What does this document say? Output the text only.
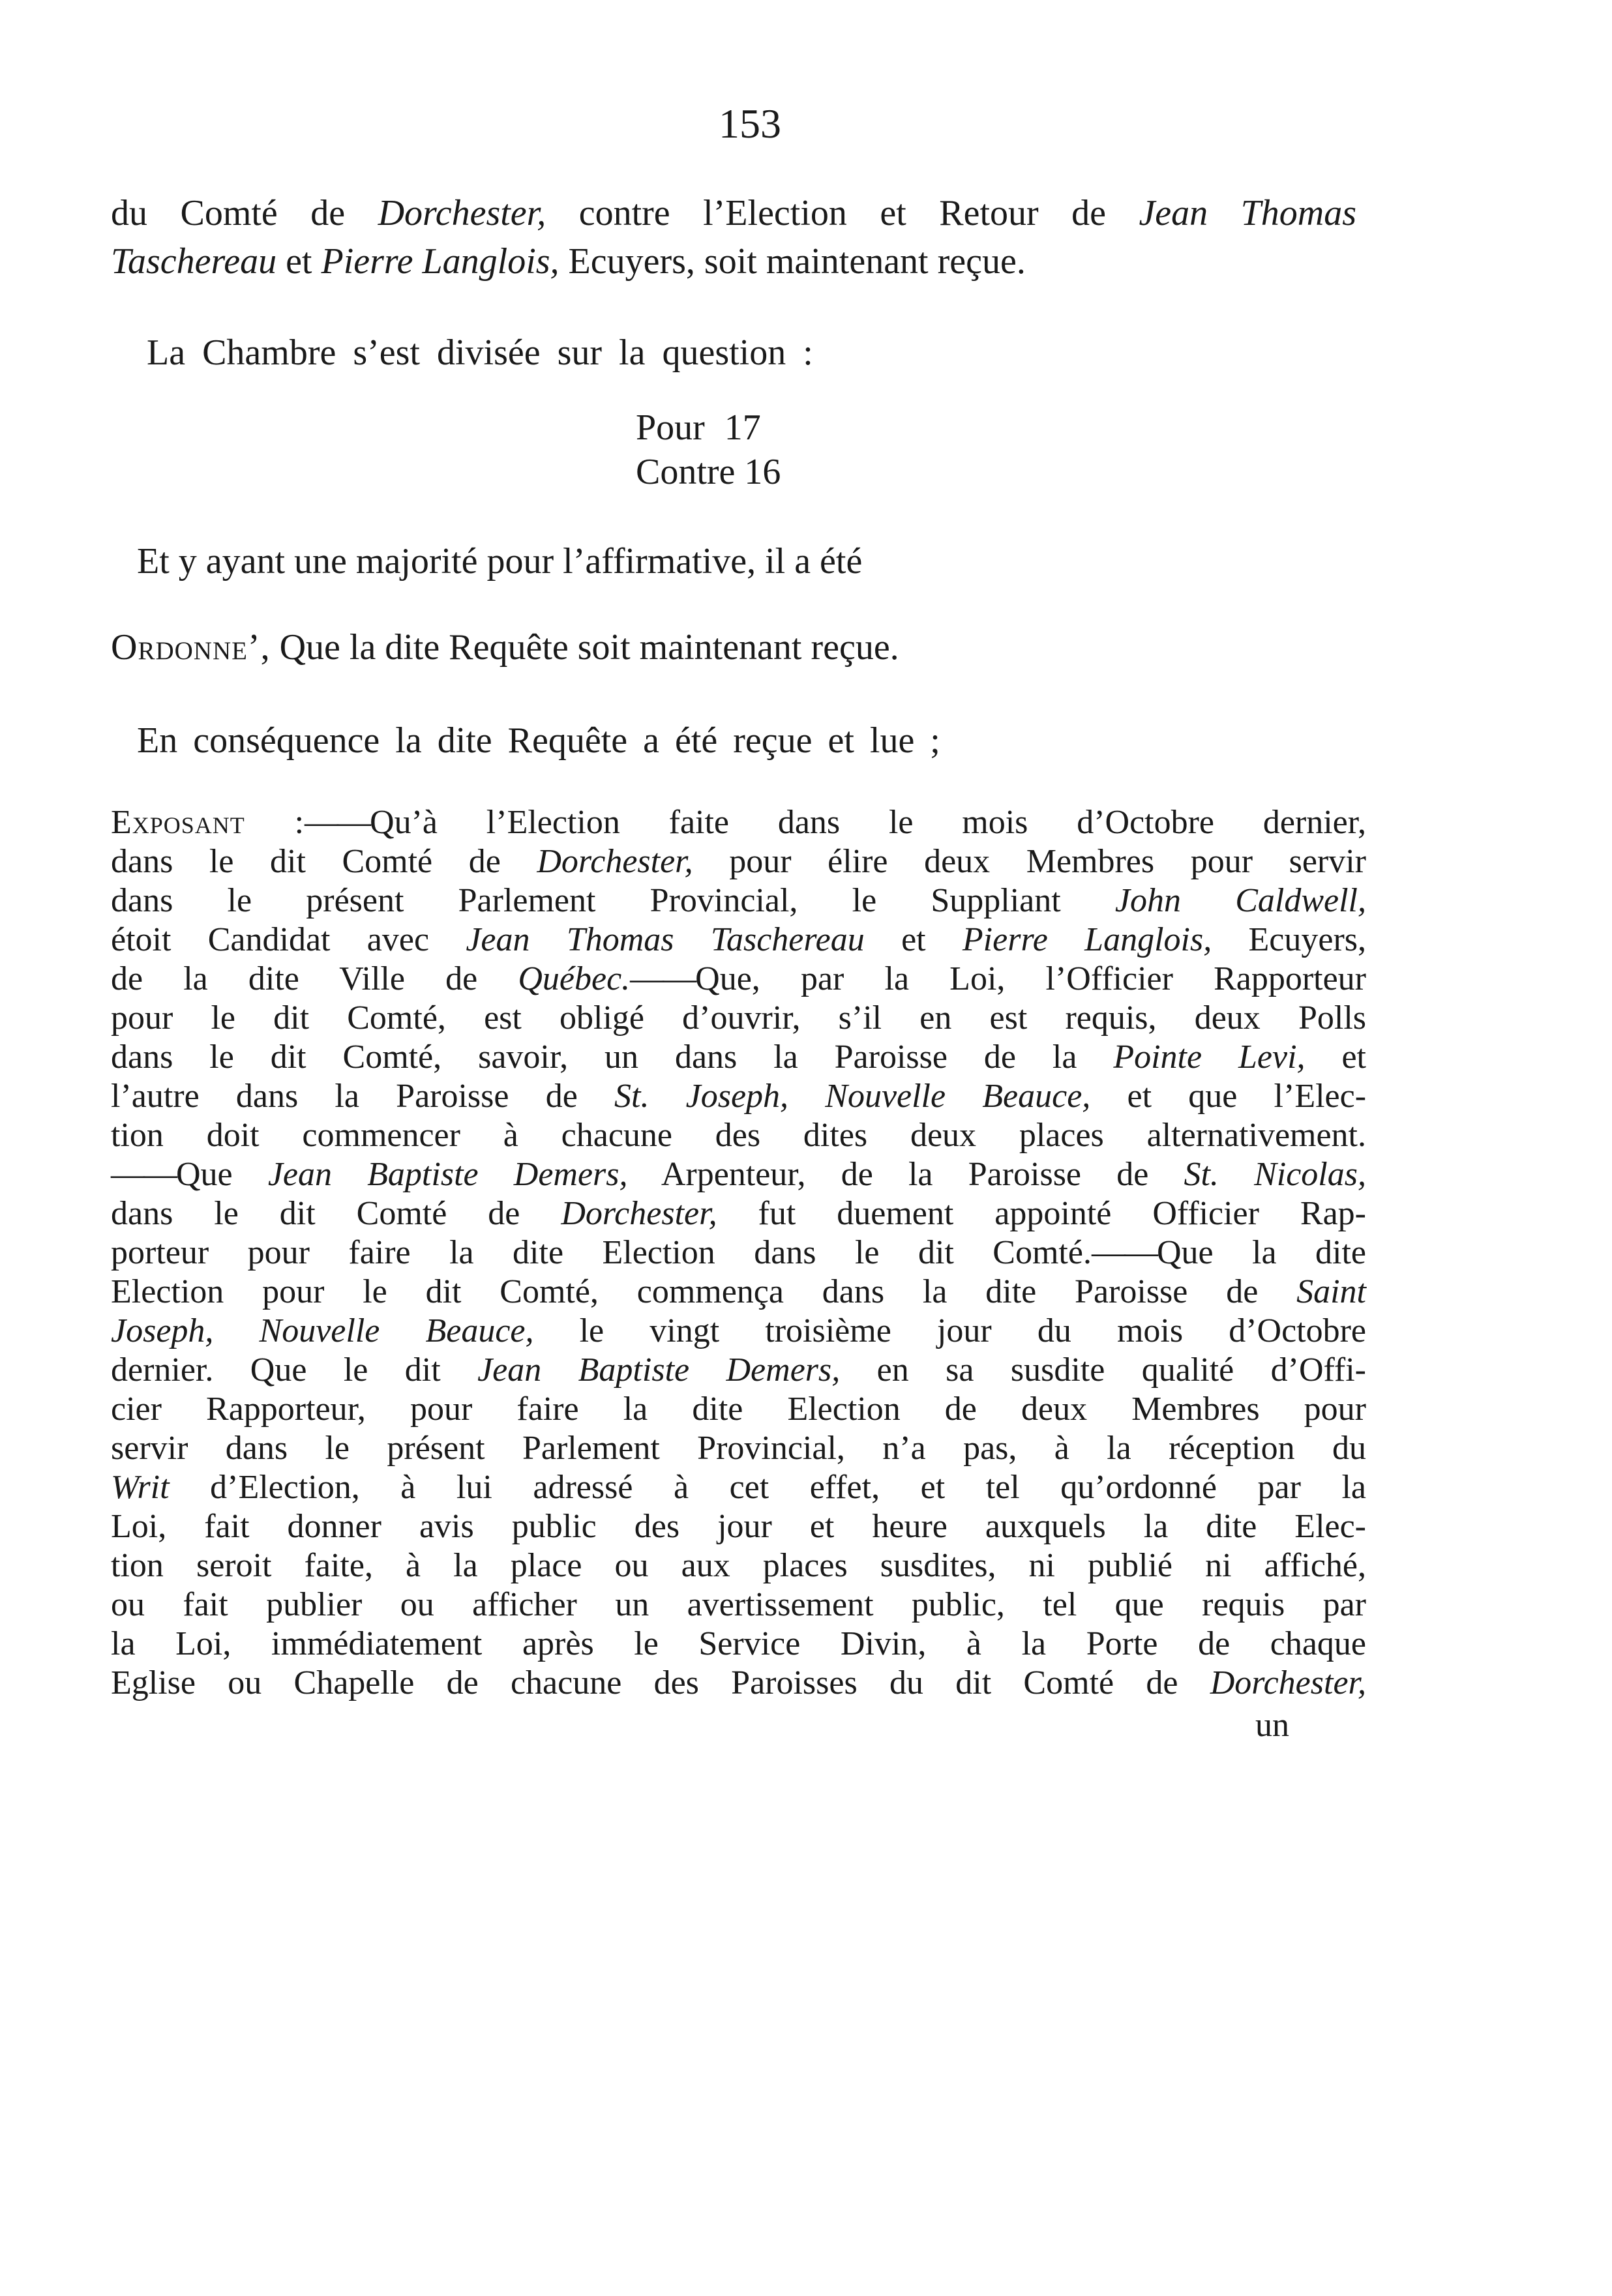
153
du Comté de Dorchester, contre l’Election et Retour de Jean Thomas
Taschereau et Pierre Langlois, Ecuyers, soit maintenant reçue.
La Chambre s’est divisée sur la question :
Pour 17
Contre 16
Et y ayant une majorité pour l’affirmative, il a été
Ordonne’, Que la dite Requête soit maintenant reçue.
En conséquence la dite Requête a été reçue et lue ;
Exposant :——Qu’à l’Election faite dans le mois d’Octobre dernier,
dans le dit Comté de Dorchester, pour élire deux Membres pour servir
dans le présent Parlement Provincial, le Suppliant John Caldwell,
étoit Candidat avec Jean Thomas Taschereau et Pierre Langlois, Ecuyers,
de la dite Ville de Québec.——Que, par la Loi, l’Officier Rapporteur
pour le dit Comté, est obligé d’ouvrir, s’il en est requis, deux Polls
dans le dit Comté, savoir, un dans la Paroisse de la Pointe Levi, et
l’autre dans la Paroisse de St. Joseph, Nouvelle Beauce, et que l’Elec-
tion doit commencer à chacune des dites deux places alternativement.
——Que Jean Baptiste Demers, Arpenteur, de la Paroisse de St. Nicolas,
dans le dit Comté de Dorchester, fut duement appointé Officier Rap-
porteur pour faire la dite Election dans le dit Comté.——Que la dite
Election pour le dit Comté, commença dans la dite Paroisse de Saint
Joseph, Nouvelle Beauce, le vingt troisième jour du mois d’Octobre
dernier. Que le dit Jean Baptiste Demers, en sa susdite qualité d’Offi-
cier Rapporteur, pour faire la dite Election de deux Membres pour
servir dans le présent Parlement Provincial, n’a pas, à la réception du
Writ d’Election, à lui adressé à cet effet, et tel qu’ordonné par la
Loi, fait donner avis public des jour et heure auxquels la dite Elec-
tion seroit faite, à la place ou aux places susdites, ni publié ni affiché,
ou fait publier ou afficher un avertissement public, tel que requis par
la Loi, immédiatement après le Service Divin, à la Porte de chaque
Eglise ou Chapelle de chacune des Paroisses du dit Comté de Dorchester,
un
